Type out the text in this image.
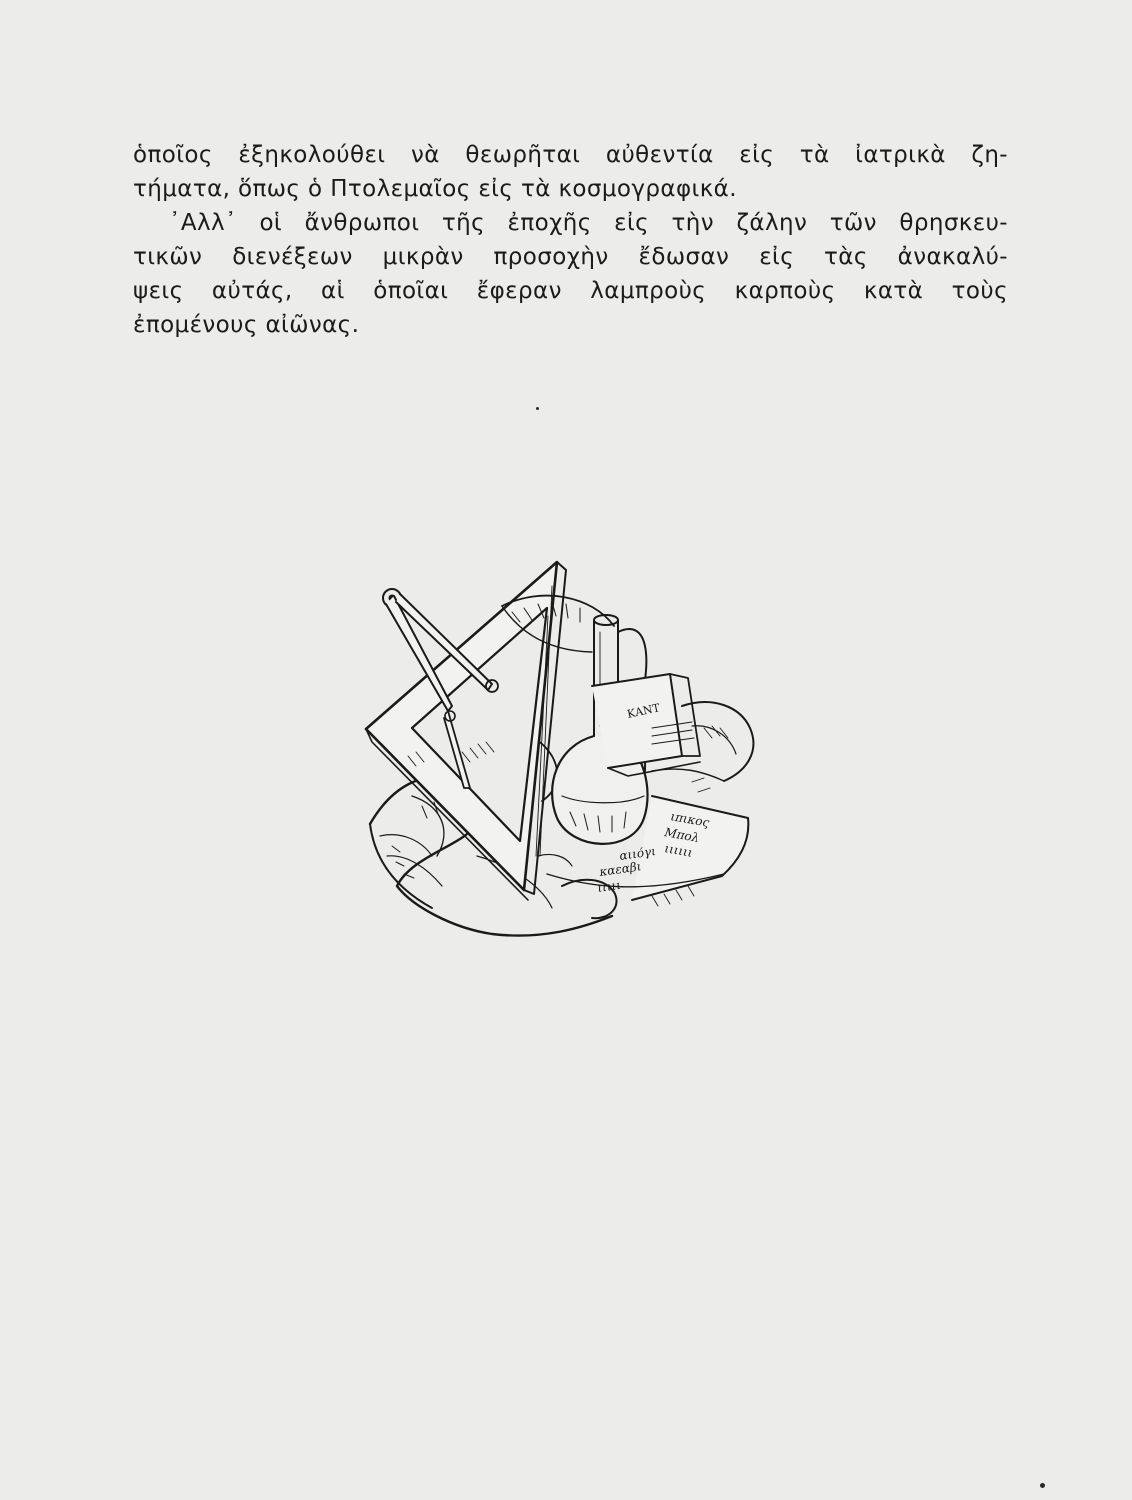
ὁποῖος ἐξηκολούθει νὰ θεωρῆται αὐθεντία εἰς τὰ ἰατρικὰ ζη-
τήματα, ὅπως ὁ Πτολεμαῖος εἰς τὰ κοσμογραφικά.
᾿Αλλ᾿ οἱ ἄνθρωποι τῆς ἐποχῆς εἰς τὴν ζάλην τῶν θρησκευ-
τικῶν διενέξεων μικρὰν προσοχὴν ἔδωσαν εἰς τὰς ἀνακαλύ-
ψεις αὐτάς, αἱ ὁποῖαι ἔφεραν λαμπροὺς καρποὺς κατὰ τοὺς
ἐπομένους αἰῶνας.
ΚΑΝΤ
ιπικος
Μπολ
ιιιιιι
αιιόγι
καεαβι
ιιιιι
